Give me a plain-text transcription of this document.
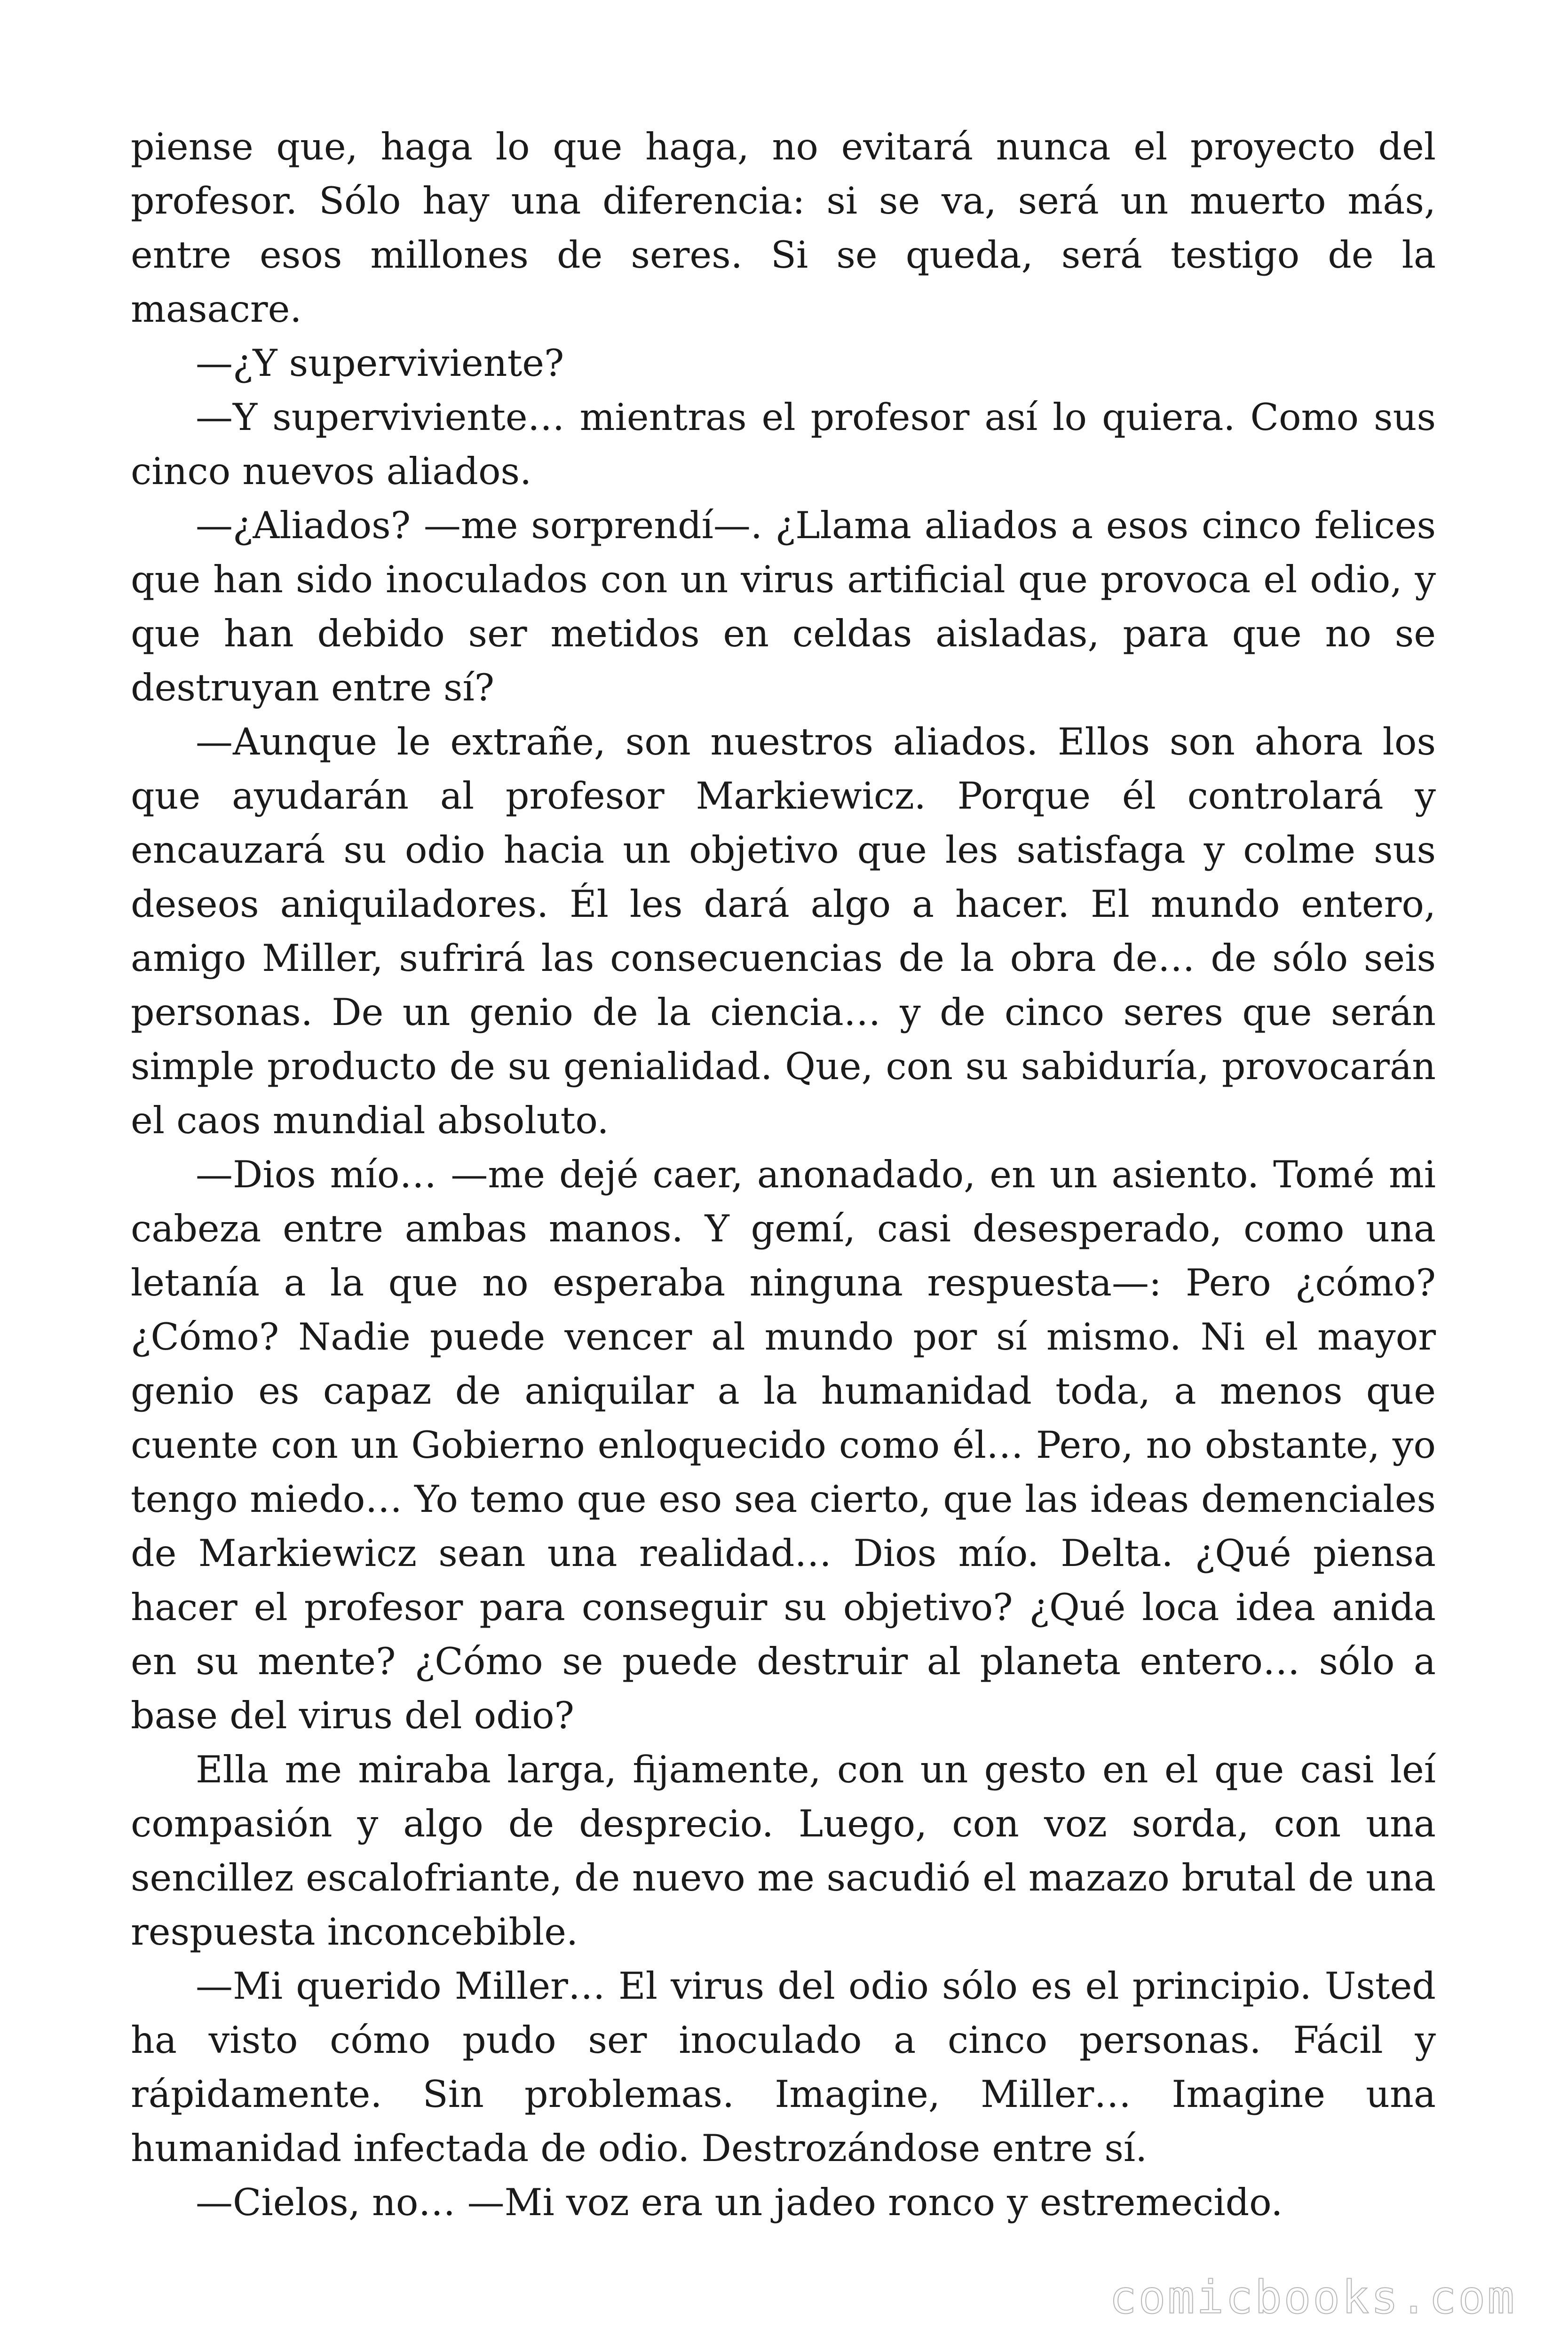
piense que, haga lo que haga, no evitará nunca el proyecto del profesor. Sólo hay una diferencia: si se va, será un muerto más, entre esos millones de seres. Si se queda, será testigo de la masacre.

—¿Y superviviente?

—Y superviviente… mientras el profesor así lo quiera. Como sus cinco nuevos aliados.

—¿Aliados? —me sorprendí—. ¿Llama aliados a esos cinco felices que han sido inoculados con un virus artificial que provoca el odio, y que han debido ser metidos en celdas aisladas, para que no se destruyan entre sí?

—Aunque le extrañe, son nuestros aliados. Ellos son ahora los que ayudarán al profesor Markiewicz. Porque él controlará y encauzará su odio hacia un objetivo que les satisfaga y colme sus deseos aniquiladores. Él les dará algo a hacer. El mundo entero, amigo Miller, sufrirá las consecuencias de la obra de… de sólo seis personas. De un genio de la ciencia… y de cinco seres que serán simple producto de su genialidad. Que, con su sabiduría, provocarán el caos mundial absoluto.

—Dios mío… —me dejé caer, anonadado, en un asiento. Tomé mi cabeza entre ambas manos. Y gemí, casi desesperado, como una letanía a la que no esperaba ninguna respuesta—: Pero ¿cómo? ¿Cómo? Nadie puede vencer al mundo por sí mismo. Ni el mayor genio es capaz de aniquilar a la humanidad toda, a menos que cuente con un Gobierno enloquecido como él… Pero, no obstante, yo tengo miedo… Yo temo que eso sea cierto, que las ideas demenciales de Markiewicz sean una realidad… Dios mío. Delta. ¿Qué piensa hacer el profesor para conseguir su objetivo? ¿Qué loca idea anida en su mente? ¿Cómo se puede destruir al planeta entero… sólo a base del virus del odio?

Ella me miraba larga, fijamente, con un gesto en el que casi leí compasión y algo de desprecio. Luego, con voz sorda, con una sencillez escalofriante, de nuevo me sacudió el mazazo brutal de una respuesta inconcebible.

—Mi querido Miller… El virus del odio sólo es el principio. Usted ha visto cómo pudo ser inoculado a cinco personas. Fácil y rápidamente. Sin problemas. Imagine, Miller… Imagine una humanidad infectada de odio. Destrozándose entre sí.

—Cielos, no… —Mi voz era un jadeo ronco y estremecido.

comicbooks.com
